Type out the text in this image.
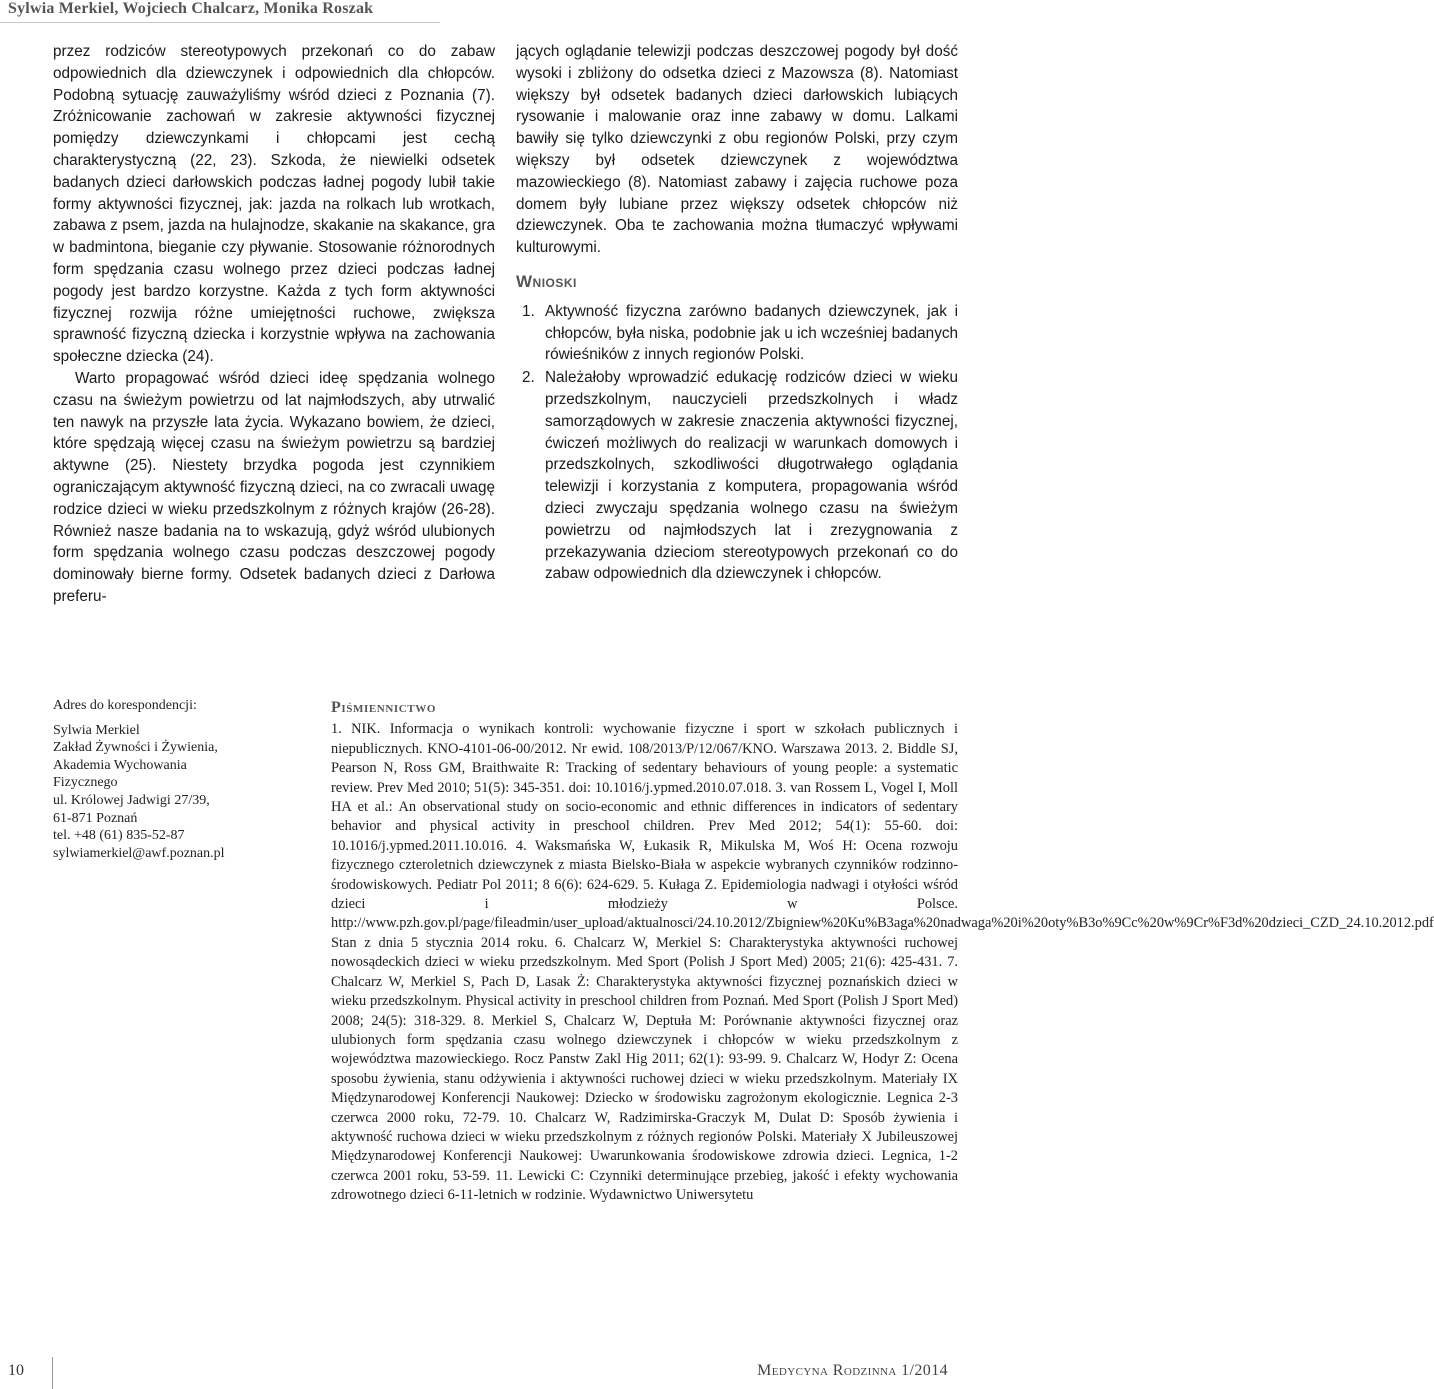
Sylwia Merkiel, Wojciech Chalcarz, Monika Roszak

przez rodziców stereotypowych przekonań co do zabaw odpowiednich dla dziewczynek i odpowiednich dla chłopców. Podobną sytuację zauważyliśmy wśród dzieci z Poznania (7). Zróżnicowanie zachowań w zakresie aktywności fizycznej pomiędzy dziewczynkami i chłopcami jest cechą charakterystyczną (22, 23). Szkoda, że niewielki odsetek badanych dzieci darłowskich podczas ładnej pogody lubił takie formy aktywności fizycznej, jak: jazda na rolkach lub wrotkach, zabawa z psem, jazda na hulajnodze, skakanie na skakance, gra w badmintona, bieganie czy pływanie. Stosowanie różnorodnych form spędzania czasu wolnego przez dzieci podczas ładnej pogody jest bardzo korzystne. Każda z tych form aktywności fizycznej rozwija różne umiejętności ruchowe, zwiększa sprawność fizyczną dziecka i korzystnie wpływa na zachowania społeczne dziecka (24).

Warto propagować wśród dzieci ideę spędzania wolnego czasu na świeżym powietrzu od lat najmłodszych, aby utrwalić ten nawyk na przyszłe lata życia. Wykazano bowiem, że dzieci, które spędzają więcej czasu na świeżym powietrzu są bardziej aktywne (25). Niestety brzydka pogoda jest czynnikiem ograniczającym aktywność fizyczną dzieci, na co zwracali uwagę rodzice dzieci w wieku przedszkolnym z różnych krajów (26-28). Również nasze badania na to wskazują, gdyż wśród ulubionych form spędzania wolnego czasu podczas deszczowej pogody dominowały bierne formy. Odsetek badanych dzieci z Darłowa preferu-

jących oglądanie telewizji podczas deszczowej pogody był dość wysoki i zbliżony do odsetka dzieci z Mazowsza (8). Natomiast większy był odsetek badanych dzieci darłowskich lubiących rysowanie i malowanie oraz inne zabawy w domu. Lalkami bawiły się tylko dziewczynki z obu regionów Polski, przy czym większy był odsetek dziewczynek z województwa mazowieckiego (8). Natomiast zabawy i zajęcia ruchowe poza domem były lubiane przez większy odsetek chłopców niż dziewczynek. Oba te zachowania można tłumaczyć wpływami kulturowymi.

Wnioski
1. Aktywność fizyczna zarówno badanych dziewczynek, jak i chłopców, była niska, podobnie jak u ich wcześniej badanych rówieśników z innych regionów Polski.
2. Należałoby wprowadzić edukację rodziców dzieci w wieku przedszkolnym, nauczycieli przedszkolnych i władz samorządowych w zakresie znaczenia aktywności fizycznej, ćwiczeń możliwych do realizacji w warunkach domowych i przedszkolnych, szkodliwości długotrwałego oglądania telewizji i korzystania z komputera, propagowania wśród dzieci zwyczaju spędzania wolnego czasu na świeżym powietrzu od najmłodszych lat i zrezygnowania z przekazywania dzieciom stereotypowych przekonań co do zabaw odpowiednich dla dziewczynek i chłopców.
Adres do korespondencji:
Sylwia Merkiel
Zakład Żywności i Żywienia,
Akademia Wychowania
Fizycznego
ul. Królowej Jadwigi 27/39,
61-871 Poznań
tel. +48 (61) 835-52-87
sylwiamerkiel@awf.poznan.pl
Piśmiennictwo
1. NIK. Informacja o wynikach kontroli: wychowanie fizyczne i sport w szkołach publicznych i niepublicznych. KNO-4101-06-00/2012. Nr ewid. 108/2013/P/12/067/KNO. Warszawa 2013. 2. Biddle SJ, Pearson N, Ross GM, Braithwaite R: Tracking of sedentary behaviours of young people: a systematic review. Prev Med 2010; 51(5): 345-351. doi: 10.1016/j.ypmed.2010.07.018. 3. van Rossem L, Vogel I, Moll HA et al.: An observational study on socio-economic and ethnic differences in indicators of sedentary behavior and physical activity in preschool children. Prev Med 2012; 54(1): 55-60. doi: 10.1016/j.ypmed.2011.10.016. 4. Waksmańska W, Łukasik R, Mikulska M, Woś H: Ocena rozwoju fizycznego czteroletnich dziewczynek z miasta Bielsko-Biała w aspekcie wybranych czynników rodzinno-środowiskowych. Pediatr Pol 2011; 8 6(6): 624-629. 5. Kułaga Z. Epidemiologia nadwagi i otyłości wśród dzieci i młodzieży w Polsce. http://www.pzh.gov.pl/page/fileadmin/user_upload/aktualnosci/24.10.2012/Zbigniew%20Ku%B3aga%20nadwaga%20i%20oty%B3o%9Cc%20w%9Cr%F3d%20dzieci_CZD_24.10.2012.pdf Stan z dnia 5 stycznia 2014 roku. 6. Chalcarz W, Merkiel S: Charakterystyka aktywności ruchowej nowosądeckich dzieci w wieku przedszkolnym. Med Sport (Polish J Sport Med) 2005; 21(6): 425-431. 7. Chalcarz W, Merkiel S, Pach D, Lasak Ż: Charakterystyka aktywności fizycznej poznańskich dzieci w wieku przedszkolnym. Physical activity in preschool children from Poznań. Med Sport (Polish J Sport Med) 2008; 24(5): 318-329. 8. Merkiel S, Chalcarz W, Deptuła M: Porównanie aktywności fizycznej oraz ulubionych form spędzania czasu wolnego dziewczynek i chłopców w wieku przedszkolnym z województwa mazowieckiego. Rocz Panstw Zakl Hig 2011; 62(1): 93-99. 9. Chalcarz W, Hodyr Z: Ocena sposobu żywienia, stanu odżywienia i aktywności ruchowej dzieci w wieku przedszkolnym. Materiały IX Międzynarodowej Konferencji Naukowej: Dziecko w środowisku zagrożonym ekologicznie. Legnica 2-3 czerwca 2000 roku, 72-79. 10. Chalcarz W, Radzimirska-Graczyk M, Dulat D: Sposób żywienia i aktywność ruchowa dzieci w wieku przedszkolnym z różnych regionów Polski. Materiały X Jubileuszowej Międzynarodowej Konferencji Naukowej: Uwarunkowania środowiskowe zdrowia dzieci. Legnica, 1-2 czerwca 2001 roku, 53-59. 11. Lewicki C: Czynniki determinujące przebieg, jakość i efekty wychowania zdrowotnego dzieci 6-11-letnich w rodzinie. Wydawnictwo Uniwersytetu
10	Medycyna Rodzinna 1/2014
